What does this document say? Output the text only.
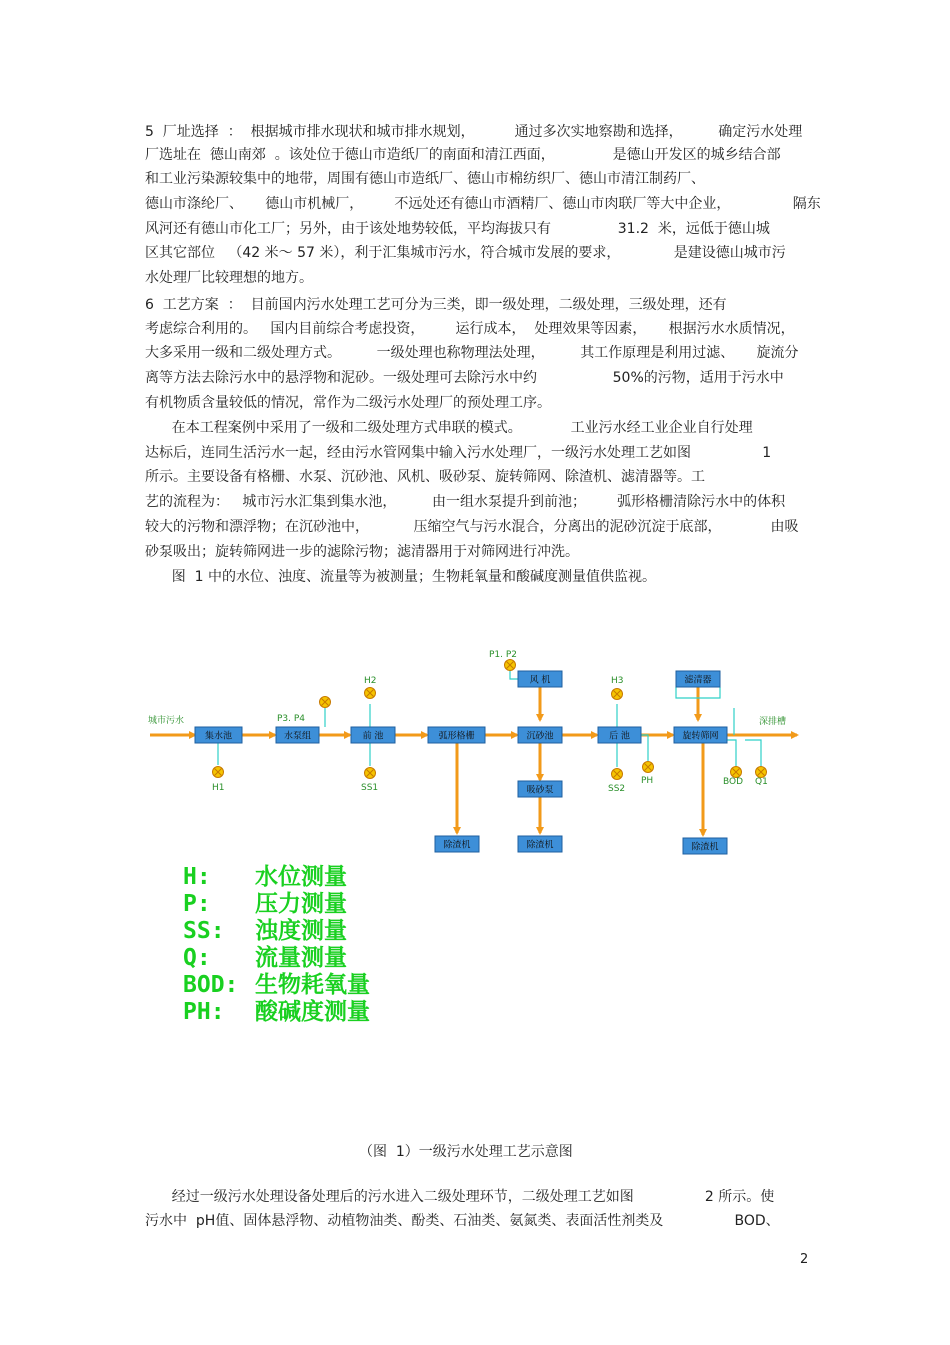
5  厂址选择  ：  根据城市排水现状和城市排水规划，         通过多次实地察勘和选择，        确定污水处理
厂选址在  德山南郊  。该处位于德山市造纸厂的南面和清江西面，             是德山开发区的城乡结合部
和工业污染源较集中的地带，周围有德山市造纸厂、德山市棉纺织厂、德山市清江制药厂、
德山市涤纶厂、     德山市机械厂，       不远处还有德山市酒精厂、德山市肉联厂等大中企业，              隔东
风河还有德山市化工厂；另外，由于该处地势较低，平均海拔只有               31.2  米，远低于德山城
区其它部位   （42 米～ 57 米），利于汇集城市污水，符合城市发展的要求，            是建设德山城市污
水处理厂比较理想的地方。
6  工艺方案  ：  目前国内污水处理工艺可分为三类，即一级处理，二级处理，三级处理，还有
考虑综合利用的。   国内目前综合考虑投资，       运行成本，  处理效果等因素，     根据污水水质情况，
大多采用一级和二级处理方式。        一级处理也称物理法处理，        其工作原理是利用过滤、     旋流分
离等方法去除污水中的悬浮物和泥砂。一级处理可去除污水中约                 50%的污物，适用于污水中
有机物质含量较低的情况，常作为二级污水处理厂的预处理工序。
在本工程案例中采用了一级和二级处理方式串联的模式。           工业污水经工业企业自行处理
达标后，连同生活污水一起，经由污水管网集中输入污水处理厂，一级污水处理工艺如图                1
所示。主要设备有格栅、水泵、沉砂池、风机、吸砂泵、旋转筛网、除渣机、滤清器等。工
艺的流程为：   城市污水汇集到集水池，        由一组水泵提升到前池；       弧形格栅清除污水中的体积
较大的污物和漂浮物；在沉砂池中，          压缩空气与污水混合，分离出的泥砂沉淀于底部，           由吸
砂泵吸出；旋转筛网进一步的滤除污物；滤清器用于对筛网进行冲洗。
图  1 中的水位、浊度、流量等为被测量；生物耗氧量和酸碱度测量值供监视。
集水池	水泵组	前 池	弧形格栅	沉砂池	后 池	旋转筛网
风 机	滤清器
吸砂泵
除渣机	除渣机	除渣机
城市污水	深排槽
P3. P4
P1. P2
H1
H2	H3
SS1	SS2
PH	BOD Q1
H: 水位测量
P: 压力测量
SS: 浊度测量
Q: 流量测量
BOD: 生物耗氧量
PH: 酸碱度测量
（图  1）一级污水处理工艺示意图
经过一级污水处理设备处理后的污水进入二级处理环节，二级处理工艺如图                2 所示。使
污水中  pH值、固体悬浮物、动植物油类、酚类、石油类、氨氮类、表面活性剂类及                BOD、
2
